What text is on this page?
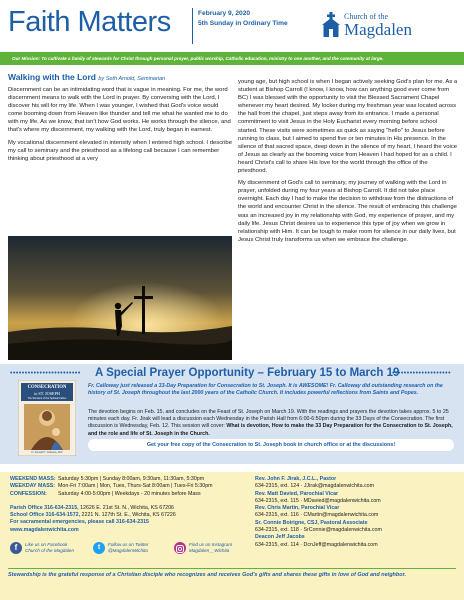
Faith Matters	February 9, 2020
5th Sunday in Ordinary Time
Church of the
Magdalen
Our Mission: To cultivate a family of stewards for Christ through personal prayer, public worship, Catholic education, ministry to one another, and the community at large.
Walking with the Lord by Seth Arnold, Seminarian

Discernment can be an intimidating word that is vague in meaning. For me, the word discernment means to walk with the Lord in prayer. By conversing with the Lord, I discover his will for my life. When I was younger, I wished that God's voice would come booming down from Heaven like thunder and tell me what he wanted me to do with my life. As we know, that isn't how God works. He works through the silence, and that's where my discernment, my walking with the Lord, truly began in earnest.

My vocational discernment elevated in intensity when I entered high school. I describe my call to seminary and the priesthood as a lifelong call because I can remember thinking about priesthood at a very

young age, but high school is when I began actively seeking God's plan for me. As a student at Bishop Carroll (I know, I know, how can anything good ever come from BC) I was blessed with the opportunity to visit the Blessed Sacrament Chapel whenever my heart desired. My locker during my freshman year was located across the hall from the chapel, just steps away from its entrance. I made a personal commitment to visit Jesus in the Holy Eucharist every morning before school started. These visits were sometimes as quick as saying "hello" to Jesus before running to class, but I aimed to spend five or ten minutes in His presence. In the silence of that sacred space, deep down in the silence of my heart, I heard the voice of Jesus as clearly as the booming voice from Heaven I had hoped for as a child. I heard Christ's call to share His love for the world through the office of the priesthood.

My discernment of God's call to seminary, my journey of walking with the Lord in prayer, unfolded during my four years at Bishop Carroll. It did not take place overnight. Each day I had to make the decision to withdraw from the distractions of the world and encounter Christ in the silence. The result of embracing this challenge was an increased joy in my relationship with God, my experience of prayer, and my daily life. Jesus Christ desires us to experience this type of joy when we grow in relationship with Him. It can be tough to make room for silence in our daily lives, but Jesus Christ truly transforms us when we embrace the challenge.

••••••••••••••••••••••••	A Special Prayer Opportunity – February 15 to March 19
••••••••••••••••••••
CONSECRATION
to ST. JOSEPH
The Wonders of Our Spiritual Father
Fr. Donald H. Calloway, MIC
Fr. Calloway just released a 33-Day Preparation for Consecration to St. Joseph. It is AWESOME! Fr. Calloway did outstanding research on the history of St. Joseph throughout the last 2000 years of the Catholic Church. It includes powerful reflections from Saints and Popes.
The devotion begins on Feb. 15, and concludes on the Feast of St. Joseph on March 19. With the readings and prayers the devotion takes approx. 5 to 25 minutes each day. Fr. Jirak will lead a discussion each Wednesday in the Parish Hall from 6:00-6:50pm during the 33 Days of the Consecration. The first discussion is Wednesday, Feb. 12. This session will cover: What is devotion, How to make the 33 Day Preparation for the Consecration to St. Joseph, and the role and life of St. Joseph in the Church.
Get your free copy of the Consecration to St. Joseph book in church office or at the discussions!
WEEKEND MASS: Saturday 5:30pm | Sunday 8:00am, 9:30am, 11:30am, 5:30pm
WEEKDAY MASS: Mon-Fri 7:00am | Mon, Tues, Thurs-Sat 8:00am | Tues-Fri 5:30pm
CONFESSION: Saturday 4:00-5:00pm | Weekdays - 20 minutes before Mass
Parish Office 316-634-2315, 12626 E. 21st St. N., Wichita, KS 67206
School Office 316-634-1572, 2221 N. 127th St. E., Wichita, KS 67226
For sacramental emergencies, please call 316-634-2315
www.magdalenwichita.com
f	Like us on Facebook
Church of the Magdalen	t	Follow us on Twitter
@MagdalenWichita
Find us on Instagram
Magdalen__Wichita
Rev. John F. Jirak, J.C.L., Pastor
634-2315, ext. 124 · JJirak@magdalenwichita.com
Rev. Matt Davied, Parochial Vicar
634-2315, ext. 115 · MDavied@magdalenwichita.com
Rev. Chris Martin, Parochial Vicar
634-2315, ext. 116 · CMartin@magdalenwichita.com
Sr. Connie Boirigne, CSJ, Pastoral Associate
634-2315, ext. 118 · SrConnie@magdalenwichita.com
Deacon Jeff Jacobs
634-2315, ext. 114 · DcnJeff@magdalenwichita.com
Stewardship is the grateful response of a Christian disciple who recognizes and receives God's gifts and shares these gifts in love of God and neighbor.
